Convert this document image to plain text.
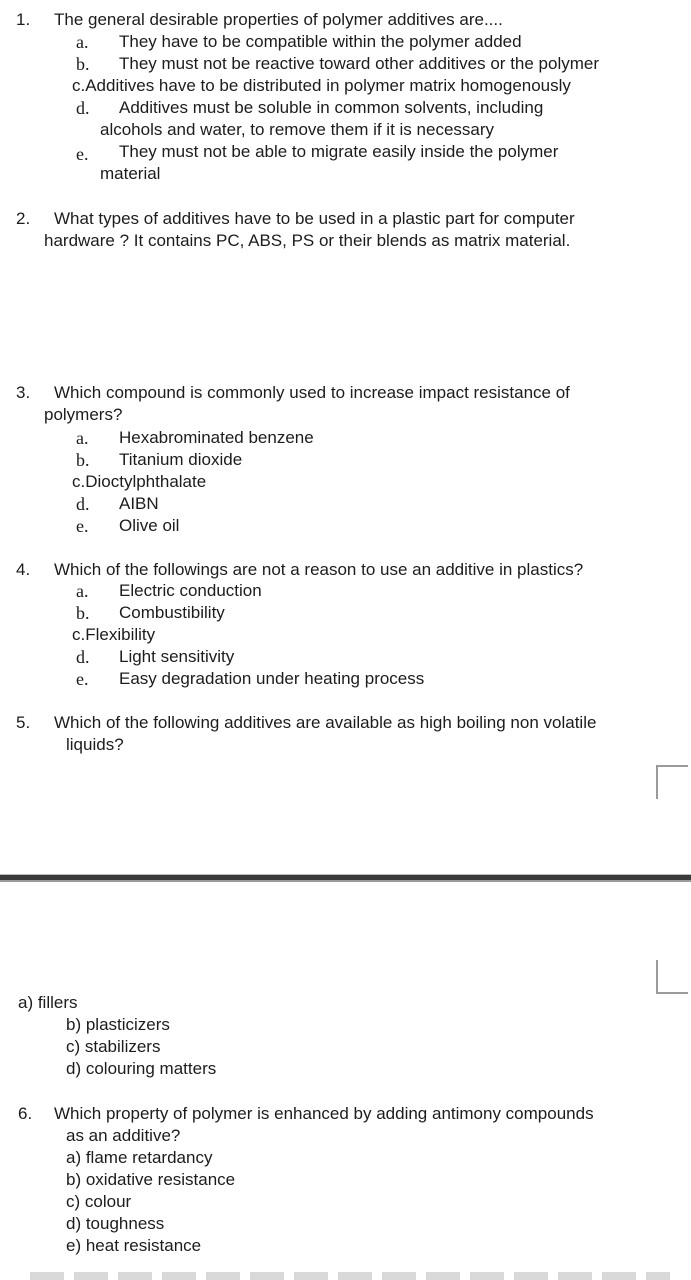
1. The general desirable properties of polymer additives are....
a. They have to be compatible within the polymer added
b. They must not be reactive toward other additives or the polymer
c.Additives have to be distributed in polymer matrix homogenously
d. Additives must be soluble in common solvents, including
alcohols and water, to remove them if it is necessary
e. They must not be able to migrate easily inside the polymer
material
2. What types of additives have to be used in a plastic part for computer
hardware ? It contains PC, ABS, PS or their blends as matrix material.
3. Which compound is commonly used to increase impact resistance of
polymers?
a. Hexabrominated benzene
b. Titanium dioxide
c.Dioctylphthalate
d. AIBN
e. Olive oil
4. Which of the followings are not a reason to use an additive in plastics?
a. Electric conduction
b. Combustibility
c.Flexibility
d. Light sensitivity
e. Easy degradation under heating process
5. Which of the following additives are available as high boiling non volatile
liquids?
a) fillers
b) plasticizers
c) stabilizers
d) colouring matters
6. Which property of polymer is enhanced by adding antimony compounds
as an additive?
a) flame retardancy
b) oxidative resistance
c) colour
d) toughness
e) heat resistance
